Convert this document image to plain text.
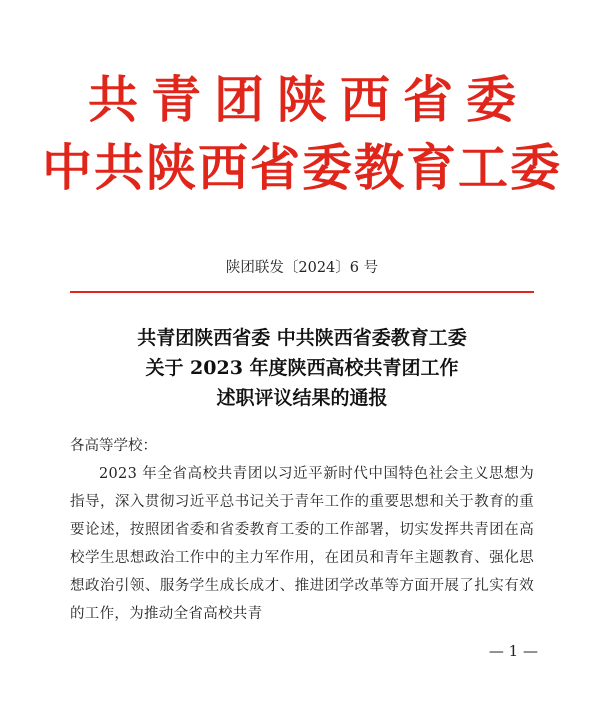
共青团陕西省委
中共陕西省委教育工委
陕团联发〔2024〕6 号
共青团陕西省委 中共陕西省委教育工委
关于 2023 年度陕西高校共青团工作
述职评议结果的通报
各高等学校：

2023 年全省高校共青团以习近平新时代中国特色社会主义思想为指导，深入贯彻习近平总书记关于青年工作的重要思想和关于教育的重要论述，按照团省委和省委教育工委的工作部署，切实发挥共青团在高校学生思想政治工作中的主力军作用，在团员和青年主题教育、强化思想政治引领、服务学生成长成才、推进团学改革等方面开展了扎实有效的工作，为推动全省高校共青

— 1 —
